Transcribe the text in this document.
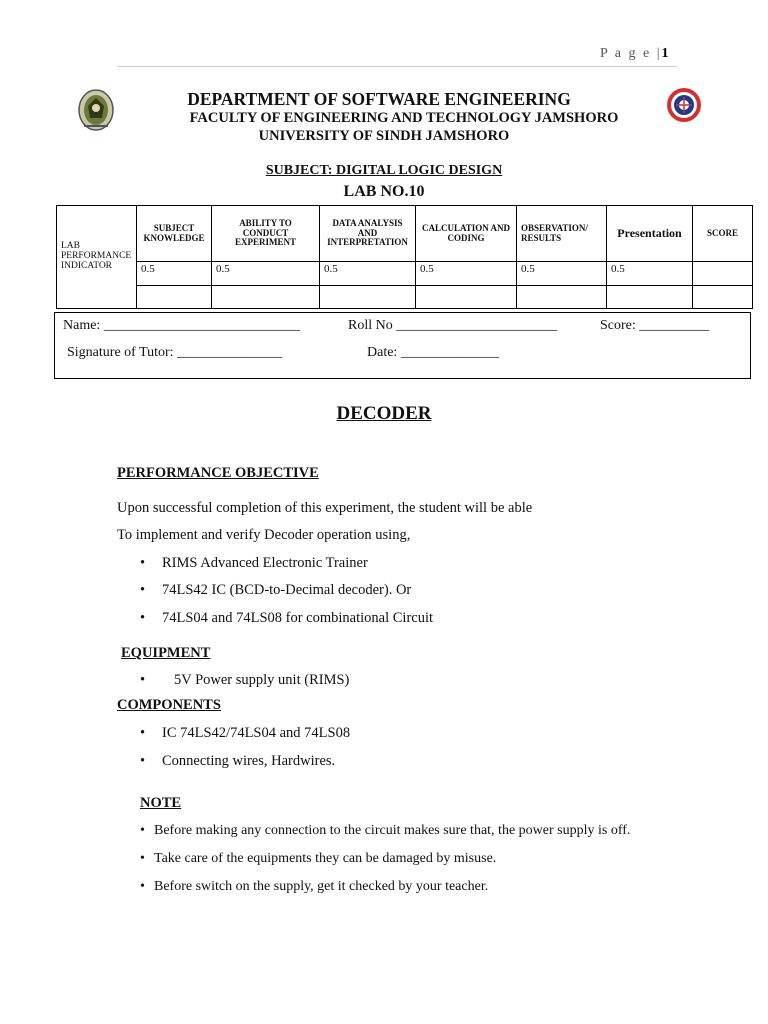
P a g e |1
DEPARTMENT OF SOFTWARE ENGINEERING
FACULTY OF ENGINEERING AND TECHNOLOGY JAMSHORO
UNIVERSITY OF SINDH JAMSHORO
SUBJECT: DIGITAL LOGIC DESIGN
LAB NO.10
LAB PERFORMANCE INDICATOR	SUBJECT KNOWLEDGE	ABILITY TO CONDUCT EXPERIMENT	DATA ANALYSIS AND INTERPRETATION	CALCULATION AND CODING	OBSERVATION/ RESULTS	Presentation	SCORE
	0.5	0.5	0.5	0.5	0.5	0.5	

Name: ____________________________	Roll No _______________________	Score: __________
Signature of Tutor: _______________	Date: ______________
DECODER
PERFORMANCE OBJECTIVE
Upon successful completion of this experiment, the student will be able
To implement and verify Decoder operation using,
• RIMS Advanced Electronic Trainer
• 74LS42 IC (BCD-to-Decimal decoder). Or
• 74LS04 and 74LS08 for combinational Circuit
EQUIPMENT
• 5V Power supply unit (RIMS)
COMPONENTS
• IC 74LS42/74LS04 and 74LS08
• Connecting wires, Hardwires.
NOTE
• Before making any connection to the circuit makes sure that, the power supply is off.
• Take care of the equipments they can be damaged by misuse.
• Before switch on the supply, get it checked by your teacher.
